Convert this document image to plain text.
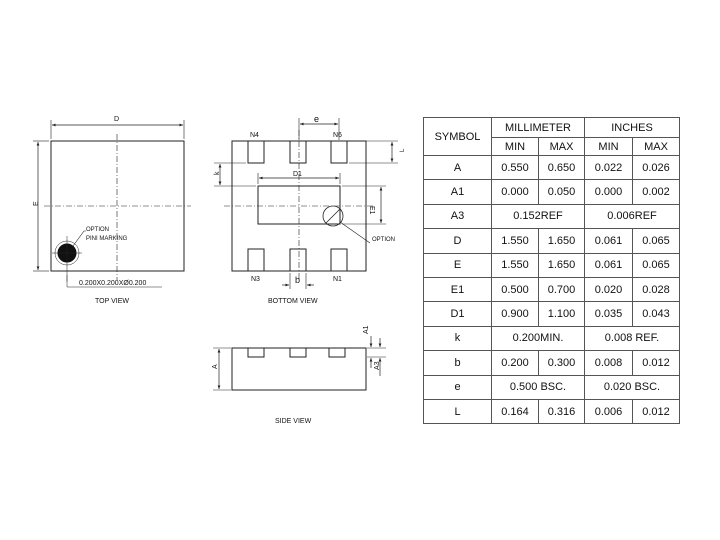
D
E
OPTION
PINI MARKING
0.200X0.200XØ0.200
TOP VIEW
N4	N6
N3	N1
e
b
L
k	D1
E1
OPTION
BOTTOM VIEW
A
A1
A3
SIDE VIEW
SYMBOL	MILLIMETER		INCHES	
	MIN	MAX	MIN	MAX
A	0.550	0.650	0.022	0.026
A1	0.000	0.050	0.000	0.002
A3	0.152REF		0.006REF	
D	1.550	1.650	0.061	0.065
E	1.550	1.650	0.061	0.065
E1	0.500	0.700	0.020	0.028
D1	0.900	1.100	0.035	0.043
k	0.200MIN.		0.008 REF.	
b	0.200	0.300	0.008	0.012
e	0.500 BSC.		0.020 BSC.	
L	0.164	0.316	0.006	0.012
